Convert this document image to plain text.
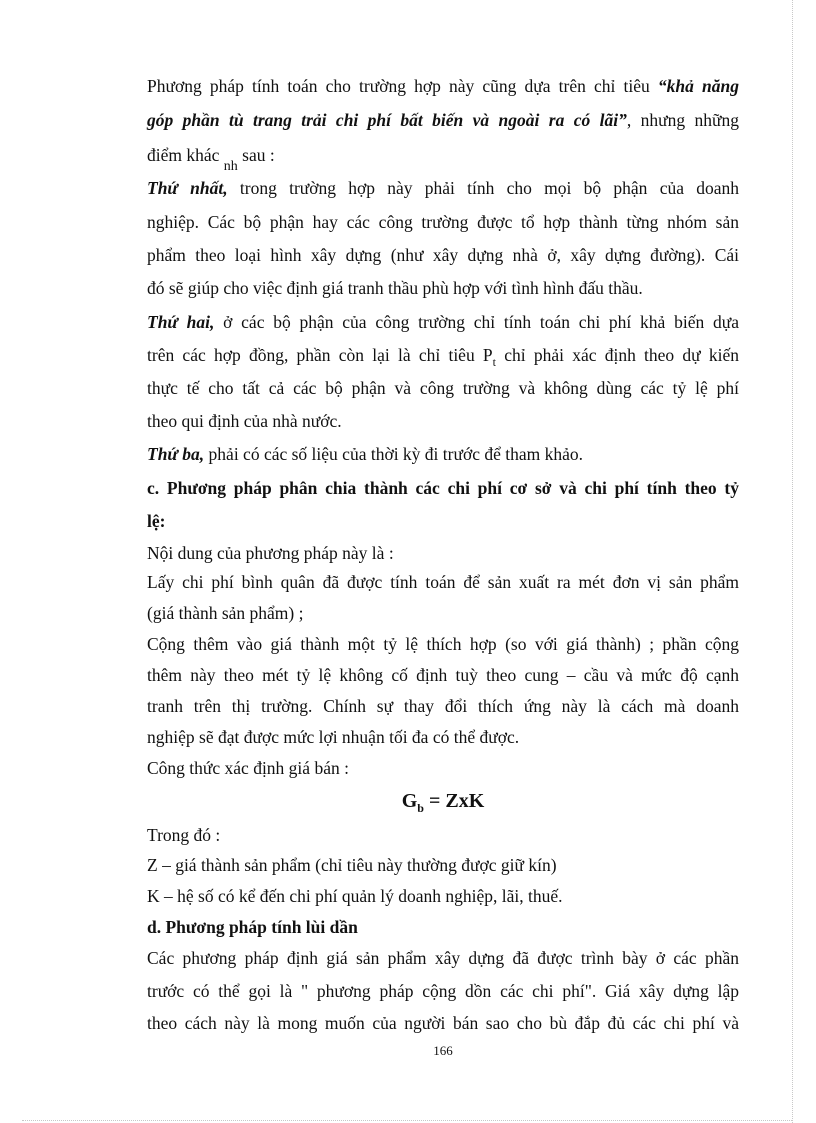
Phương pháp tính toán cho trường hợp này cũng dựa trên chỉ tiêu “khả năng
góp phần tù trang trải chi phí bất biến và ngoài ra có lãi”, nhưng những
điểm khác $_{nh}$ sau :
Thứ nhất, trong trường hợp này phải tính cho mọi bộ phận của doanh
nghiệp. Các bộ phận hay các công trường được tổ hợp thành từng nhóm sản
phẩm theo loại hình xây dựng (như xây dựng nhà ở, xây dựng đường). Cái
đó sẽ giúp cho việc định giá tranh thầu phù hợp với tình hình đấu thầu.
Thứ hai, ở các bộ phận của công trường chỉ tính toán chi phí khả biến dựa
trên các hợp đồng, phần còn lại là chỉ tiêu $P_t$ chỉ phải xác định theo dự kiến
thực tế cho tất cả các bộ phận và công trường và không dùng các tỷ lệ phí
theo qui định của nhà nước.
Thứ ba, phải có các số liệu của thời kỳ đi trước để tham khảo.
c. Phương pháp phân chia thành các chi phí cơ sở và chi phí tính theo tỷ
lệ:
Nội dung của phương pháp này là :
Lấy chi phí bình quân đã được tính toán để sản xuất ra mét đơn vị sản phẩm
(giá thành sản phẩm) ;
Cộng thêm vào giá thành một tỷ lệ thích hợp (so với giá thành) ; phần cộng
thêm này theo mét tỷ lệ không cố định tuỳ theo cung – cầu và mức độ cạnh
tranh trên thị trường. Chính sự thay đổi thích ứng này là cách mà doanh
nghiệp sẽ đạt được mức lợi nhuận tối đa có thể được.
Công thức xác định giá bán :
$G_b$ = ZxK
Trong đó :
Z – giá thành sản phẩm (chỉ tiêu này thường được giữ kín)
K – hệ số có kể đến chi phí quản lý doanh nghiệp, lãi, thuế.
d. Phương pháp tính lùi dần
Các phương pháp định giá sản phẩm xây dựng đã được trình bày ở các phần
trước có thể gọi là " phương pháp cộng dồn các chi phí". Giá xây dựng lập
theo cách này là mong muốn của người bán sao cho bù đắp đủ các chi phí và
166
